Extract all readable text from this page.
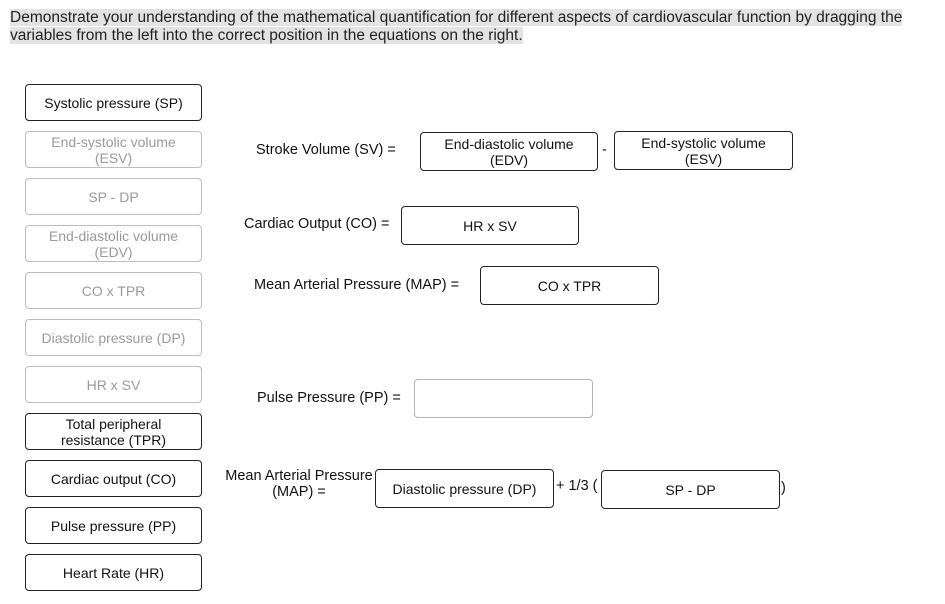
Demonstrate your understanding of the mathematical quantification for different aspects of cardiovascular function by dragging the variables from the left into the correct position in the equations on the right.
Systolic pressure (SP)
End-systolic volume (ESV)
SP - DP
End-diastolic volume (EDV)
CO x TPR
Diastolic pressure (DP)
HR x SV
Total peripheral resistance (TPR)
Cardiac output (CO)
Pulse pressure (PP)
Heart Rate (HR)
Stroke Volume (SV) =	End-diastolic volume (EDV)
-	End-systolic volume (ESV)
Cardiac Output (CO) =	HR x SV
Mean Arterial Pressure (MAP) =	CO x TPR
Pulse Pressure (PP) =
Mean Arterial Pressure (MAP) =	Diastolic pressure (DP)	+ 1/3 (	SP - DP	)
